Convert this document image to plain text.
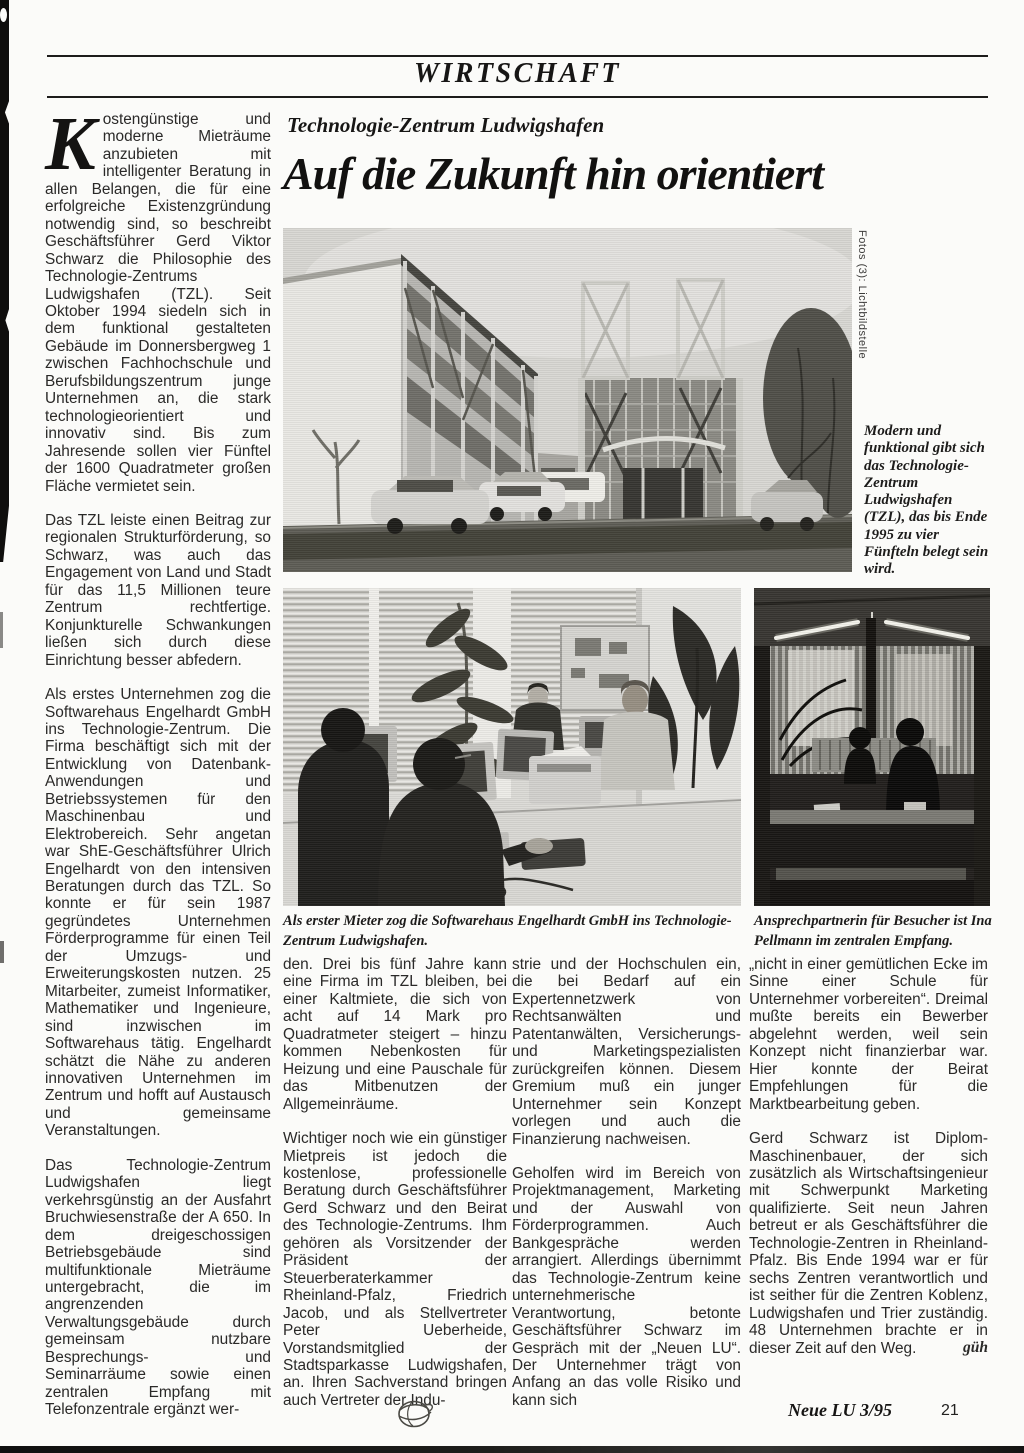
WIRTSCHAFT
Technologie-Zentrum Ludwigshafen
Auf die Zukunft hin orientiert

Kostengünstige und moderne Mieträume anzubieten mit intelligenter Beratung in allen Belangen, die für eine erfolgreiche Existenzgründung notwendig sind, so beschreibt Geschäftsführer Gerd Viktor Schwarz die Philosophie des Technologie-Zentrums Ludwigshafen (TZL). Seit Oktober 1994 siedeln sich in dem funktional gestalteten Gebäude im Donnersbergweg 1 zwischen Fachhochschule und Berufsbildungszentrum junge Unternehmen an, die stark technologieorientiert und innovativ sind. Bis zum Jahresende sollen vier Fünftel der 1600 Quadratmeter großen Fläche vermietet sein.

Das TZL leiste einen Beitrag zur regionalen Strukturförderung, so Schwarz, was auch das Engagement von Land und Stadt für das 11,5 Millionen teure Zentrum rechtfertige. Konjunkturelle Schwankungen ließen sich durch diese Einrichtung besser abfedern.

Als erstes Unternehmen zog die Softwarehaus Engelhardt GmbH ins Technologie-Zentrum. Die Firma beschäftigt sich mit der Entwicklung von Datenbank-Anwendungen und Betriebssystemen für den Maschinenbau und Elektrobereich. Sehr angetan war ShE-Geschäftsführer Ulrich Engelhardt von den intensiven Beratungen durch das TZL. So konnte er für sein 1987 gegründetes Unternehmen Förderprogramme für einen Teil der Umzugs- und Erweiterungskosten nutzen. 25 Mitarbeiter, zumeist Informatiker, Mathematiker und Ingenieure, sind inzwischen im Softwarehaus tätig. Engelhardt schätzt die Nähe zu anderen innovativen Unternehmen im Zentrum und hofft auf Austausch und gemeinsame Veranstaltungen.

Das Technologie-Zentrum Ludwigshafen liegt verkehrsgünstig an der Ausfahrt Bruchwiesenstraße der A 650. In dem dreigeschossigen Betriebsgebäude sind multifunktionale Mieträume untergebracht, die im angrenzenden Verwaltungsgebäude durch gemeinsam nutzbare Besprechungs- und Seminarräume sowie einen zentralen Empfang mit Telefonzentrale ergänzt wer-

Fotos (3): Lichtbildstelle
Modern und funktional gibt sich das Technologie-Zentrum Ludwigshafen (TZL), das bis Ende 1995 zu vier Fünfteln belegt sein wird.
Als erster Mieter zog die Softwarehaus Engelhardt GmbH ins Technologie-Zentrum Ludwigshafen.
Ansprechpartnerin für Besucher ist Ina Pellmann im zentralen Empfang.

den. Drei bis fünf Jahre kann eine Firma im TZL bleiben, bei einer Kaltmiete, die sich von acht auf 14 Mark pro Quadratmeter steigert – hinzu kommen Nebenkosten für Heizung und eine Pauschale für das Mitbenutzen der Allgemeinräume.

Wichtiger noch wie ein günstiger Mietpreis ist jedoch die kostenlose, professionelle Beratung durch Geschäftsführer Gerd Schwarz und den Beirat des Technologie-Zentrums. Ihm gehören als Vorsitzender der Präsident der Steuerberaterkammer Rheinland-Pfalz, Friedrich Jacob, und als Stellvertreter Peter Ueberheide, Vorstandsmitglied der Stadtsparkasse Ludwigshafen, an. Ihren Sachverstand bringen auch Vertreter der Indu-

strie und der Hochschulen ein, die bei Bedarf auf ein Expertennetzwerk von Rechtsanwälten und Patentanwälten, Versicherungs- und Marketingspezialisten zurückgreifen können. Diesem Gremium muß ein junger Unternehmer sein Konzept vorlegen und auch die Finanzierung nachweisen.

Geholfen wird im Bereich von Projektmanagement, Marketing und der Auswahl von Förderprogrammen. Auch Bankgespräche werden arrangiert. Allerdings übernimmt das Technologie-Zentrum keine unternehmerische Verantwortung, betonte Geschäftsführer Schwarz im Gespräch mit der „Neuen LU“. Der Unternehmer trägt von Anfang an das volle Risiko und kann sich

„nicht in einer gemütlichen Ecke im Sinne einer Schule für Unternehmer vorbereiten“. Dreimal mußte bereits ein Bewerber abgelehnt werden, weil sein Konzept nicht finanzierbar war. Hier konnte der Beirat Empfehlungen für die Marktbearbeitung geben.

Gerd Schwarz ist Diplom-Maschinenbauer, der sich zusätzlich als Wirtschaftsingenieur mit Schwerpunkt Marketing qualifizierte. Seit neun Jahren betreut er als Geschäftsführer die Technologie-Zentren in Rheinland-Pfalz. Bis Ende 1994 war er für sechs Zentren verantwortlich und ist seither für die Zentren Koblenz, Ludwigshafen und Trier zuständig. 48 Unternehmen brachte er in dieser Zeit auf den Weg.	güh

Neue LU 3/95	21
